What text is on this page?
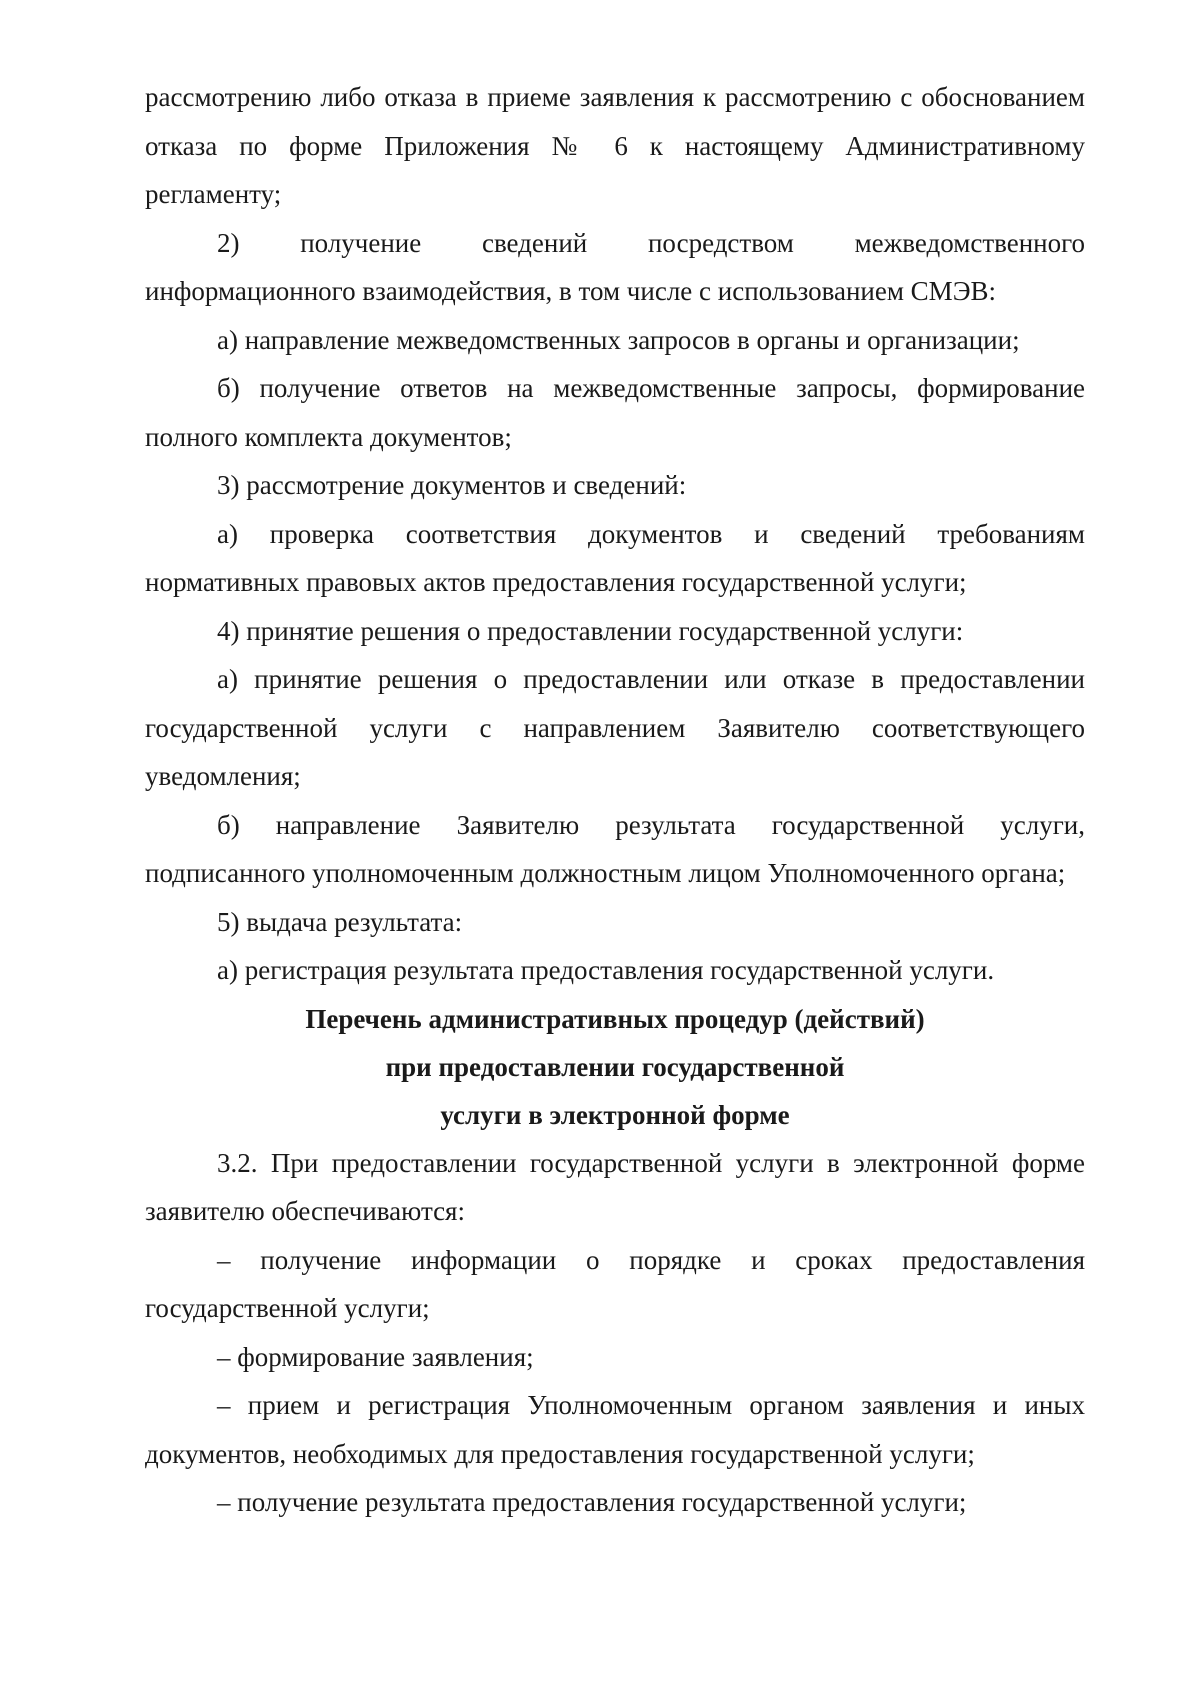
рассмотрению либо отказа в приеме заявления к рассмотрению с обоснованием отказа по форме Приложения № 6 к настоящему Административному регламенту;

2) получение сведений посредством межведомственного информационного взаимодействия, в том числе с использованием СМЭВ:

а) направление межведомственных запросов в органы и организации;

б) получение ответов на межведомственные запросы, формирование полного комплекта документов;

3) рассмотрение документов и сведений:

а) проверка соответствия документов и сведений требованиям нормативных правовых актов предоставления государственной услуги;

4) принятие решения о предоставлении государственной услуги:

а) принятие решения о предоставлении или отказе в предоставлении государственной услуги с направлением Заявителю соответствующего уведомления;

б) направление Заявителю результата государственной услуги, подписанного уполномоченным должностным лицом Уполномоченного органа;

5) выдача результата:

а) регистрация результата предоставления государственной услуги.

Перечень административных процедур (действий)

при предоставлении государственной

услуги в электронной форме

3.2. При предоставлении государственной услуги в электронной форме заявителю обеспечиваются:

– получение информации о порядке и сроках предоставления государственной услуги;

– формирование заявления;

– прием и регистрация Уполномоченным органом заявления и иных документов, необходимых для предоставления государственной услуги;

– получение результата предоставления государственной услуги;
